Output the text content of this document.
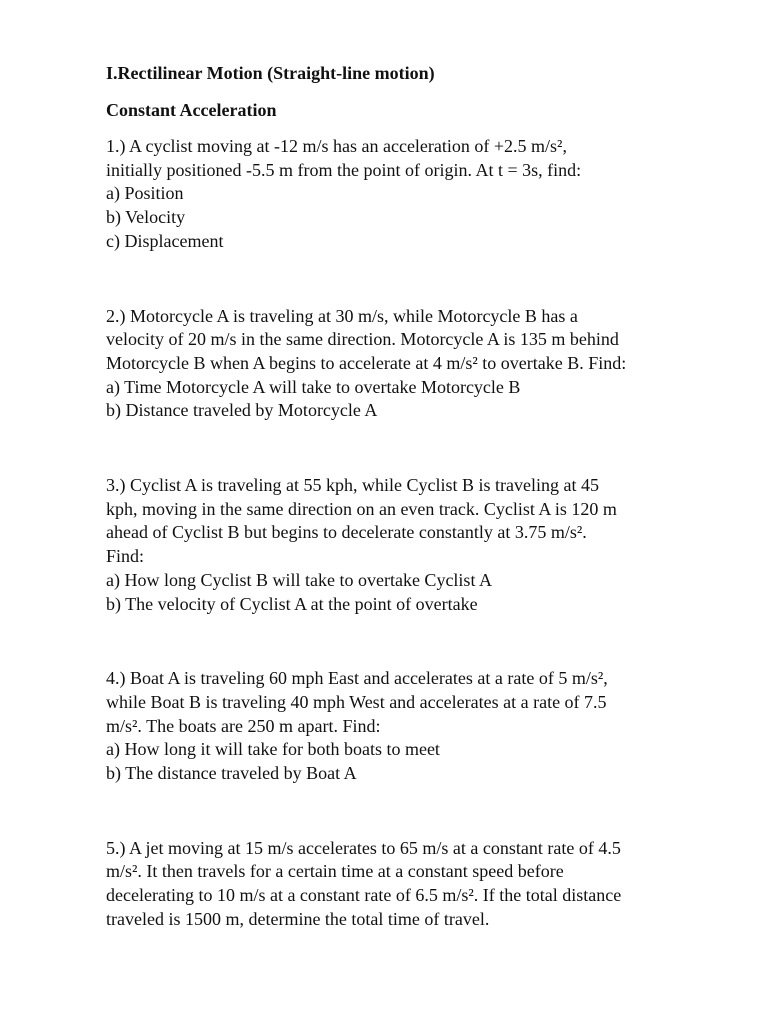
I.Rectilinear Motion (Straight-line motion)
Constant Acceleration
1.) A cyclist moving at -12 m/s has an acceleration of +2.5 m/s²,
initially positioned -5.5 m from the point of origin. At t = 3s, find:
a) Position
b) Velocity
c) Displacement
2.) Motorcycle A is traveling at 30 m/s, while Motorcycle B has a
velocity of 20 m/s in the same direction. Motorcycle A is 135 m behind
Motorcycle B when A begins to accelerate at 4 m/s² to overtake B. Find:
a) Time Motorcycle A will take to overtake Motorcycle B
b) Distance traveled by Motorcycle A
3.) Cyclist A is traveling at 55 kph, while Cyclist B is traveling at 45
kph, moving in the same direction on an even track. Cyclist A is 120 m
ahead of Cyclist B but begins to decelerate constantly at 3.75 m/s².
Find:
a) How long Cyclist B will take to overtake Cyclist A
b) The velocity of Cyclist A at the point of overtake
4.) Boat A is traveling 60 mph East and accelerates at a rate of 5 m/s²,
while Boat B is traveling 40 mph West and accelerates at a rate of 7.5
m/s². The boats are 250 m apart. Find:
a) How long it will take for both boats to meet
b) The distance traveled by Boat A
5.) A jet moving at 15 m/s accelerates to 65 m/s at a constant rate of 4.5
m/s². It then travels for a certain time at a constant speed before
decelerating to 10 m/s at a constant rate of 6.5 m/s². If the total distance
traveled is 1500 m, determine the total time of travel.
